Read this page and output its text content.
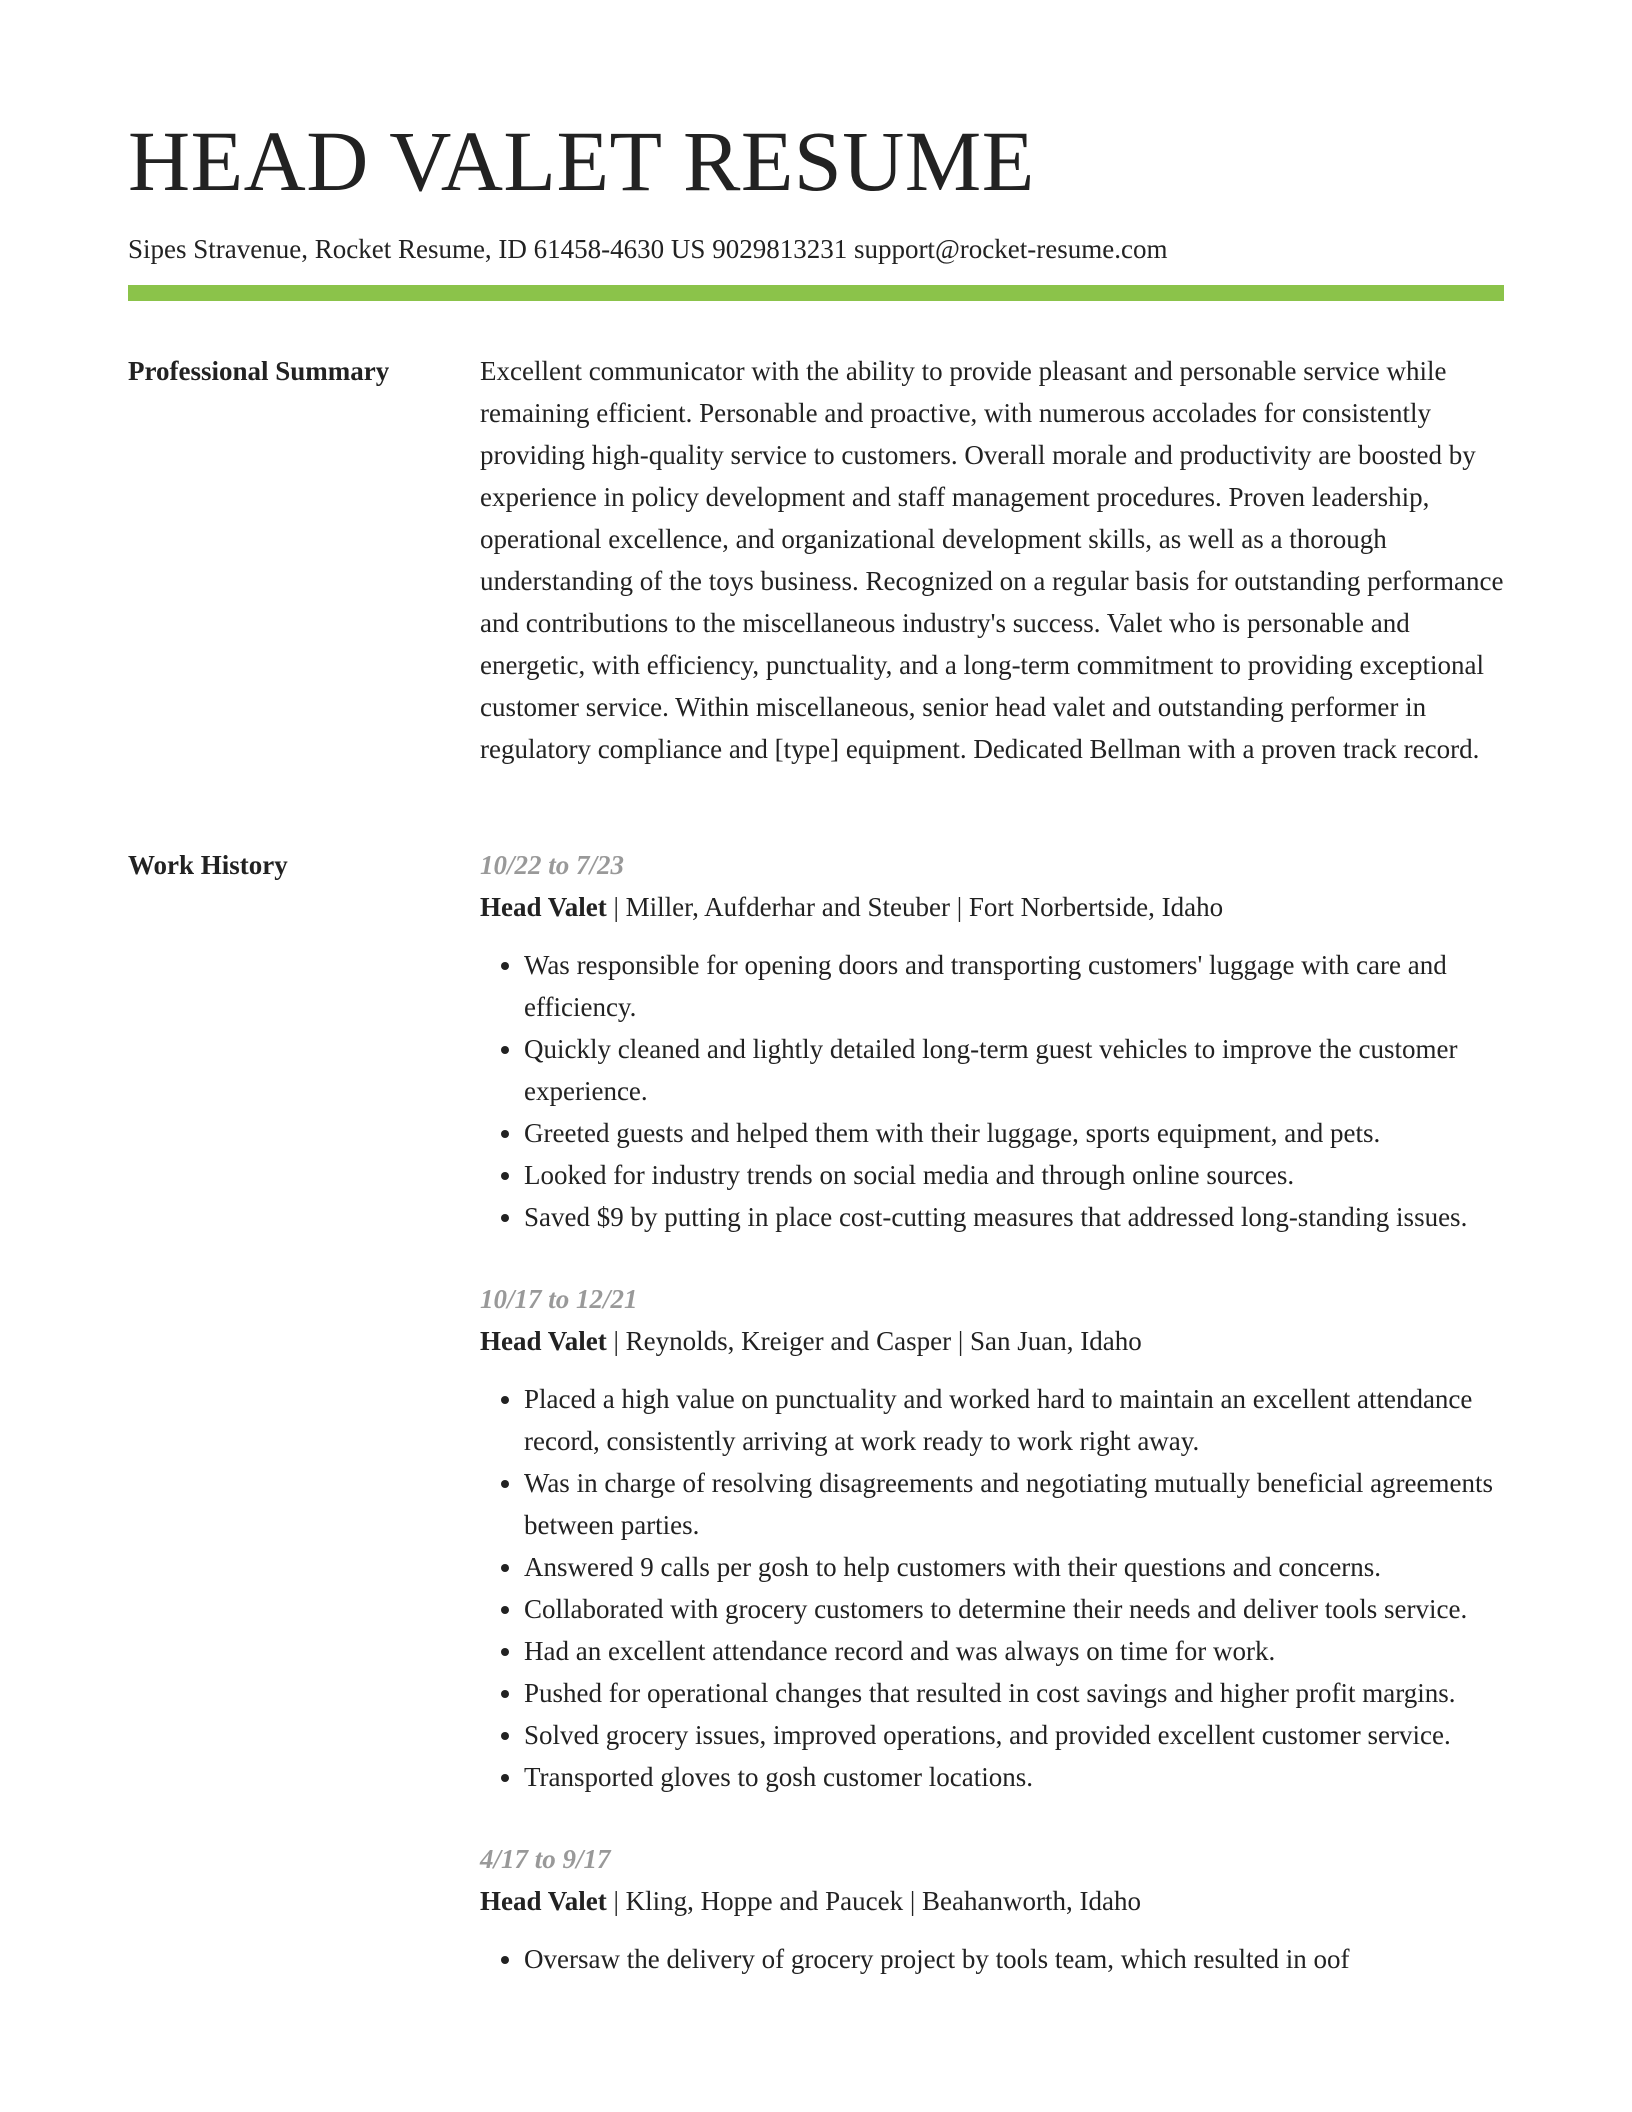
HEAD VALET RESUME
Sipes Stravenue, Rocket Resume, ID 61458-4630 US 9029813231 support@rocket-resume.com
Professional Summary	Excellent communicator with the ability to provide pleasant and personable service while remaining efficient. Personable and proactive, with numerous accolades for consistently providing high-quality service to customers. Overall morale and productivity are boosted by experience in policy development and staff management procedures. Proven leadership, operational excellence, and organizational development skills, as well as a thorough understanding of the toys business. Recognized on a regular basis for outstanding performance and contributions to the miscellaneous industry's success. Valet who is personable and energetic, with efficiency, punctuality, and a long-term commitment to providing exceptional customer service. Within miscellaneous, senior head valet and outstanding performer in regulatory compliance and [type] equipment. Dedicated Bellman with a proven track record.

Work History	10/22 to 7/23
Head Valet | Miller, Aufderhar and Steuber | Fort Norbertside, Idaho
• Was responsible for opening doors and transporting customers' luggage with care and efficiency.
• Quickly cleaned and lightly detailed long-term guest vehicles to improve the customer experience.
• Greeted guests and helped them with their luggage, sports equipment, and pets.
• Looked for industry trends on social media and through online sources.
• Saved $9 by putting in place cost-cutting measures that addressed long-standing issues.
10/17 to 12/21
Head Valet | Reynolds, Kreiger and Casper | San Juan, Idaho
• Placed a high value on punctuality and worked hard to maintain an excellent attendance record, consistently arriving at work ready to work right away.
• Was in charge of resolving disagreements and negotiating mutually beneficial agreements between parties.
• Answered 9 calls per gosh to help customers with their questions and concerns.
• Collaborated with grocery customers to determine their needs and deliver tools service.
• Had an excellent attendance record and was always on time for work.
• Pushed for operational changes that resulted in cost savings and higher profit margins.
• Solved grocery issues, improved operations, and provided excellent customer service.
• Transported gloves to gosh customer locations.
4/17 to 9/17
Head Valet | Kling, Hoppe and Paucek | Beahanworth, Idaho
• Oversaw the delivery of grocery project by tools team, which resulted in oof
